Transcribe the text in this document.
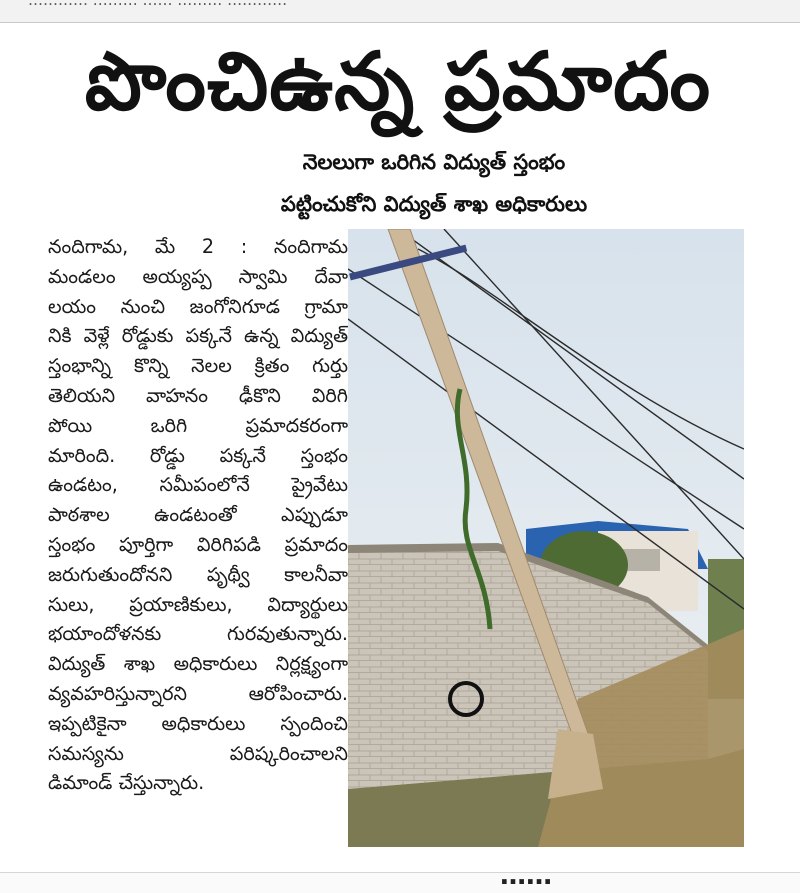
………… ……… …… ……… …………
పొంచిఉన్న ప్రమాదం
నెలలుగా ఒరిగిన విద్యుత్‌ స్తంభం
పట్టించుకోని విద్యుత్‌ శాఖ అధికారులు
నందిగామ, మే 2 : నందిగామ
మండలం అయ్యప్ప స్వామి దేవా
లయం నుంచి జంగోనిగూడ గ్రామా
నికి వెళ్లే రోడ్డుకు పక్కనే ఉన్న విద్యుత్‌
స్తంభాన్ని కొన్ని నెలల క్రితం గుర్తు
తెలియని వాహనం ఢీకొని విరిగి
పోయి ఒరిగి ప్రమాదకరంగా
మారింది. రోడ్డు పక్కనే స్తంభం
ఉండటం, సమీపంలోనే ప్రైవేటు
పాఠశాల ఉండటంతో ఎప్పుడూ
స్తంభం పూర్తిగా విరిగిపడి ప్రమాదం
జరుగుతుందోనని పృథ్వీ కాలనీవా
సులు, ప్రయాణికులు, విద్యార్థులు
భయాందోళనకు గురవుతున్నారు.
విద్యుత్‌ శాఖ అధికారులు నిర్లక్ష్యంగా
వ్యవహరిస్తున్నారని ఆరోపించారు.
ఇప్పటికైనా అధికారులు స్పందించి
సమస్యను పరిష్కరించాలని
డిమాండ్‌ చేస్తున్నారు.
……
